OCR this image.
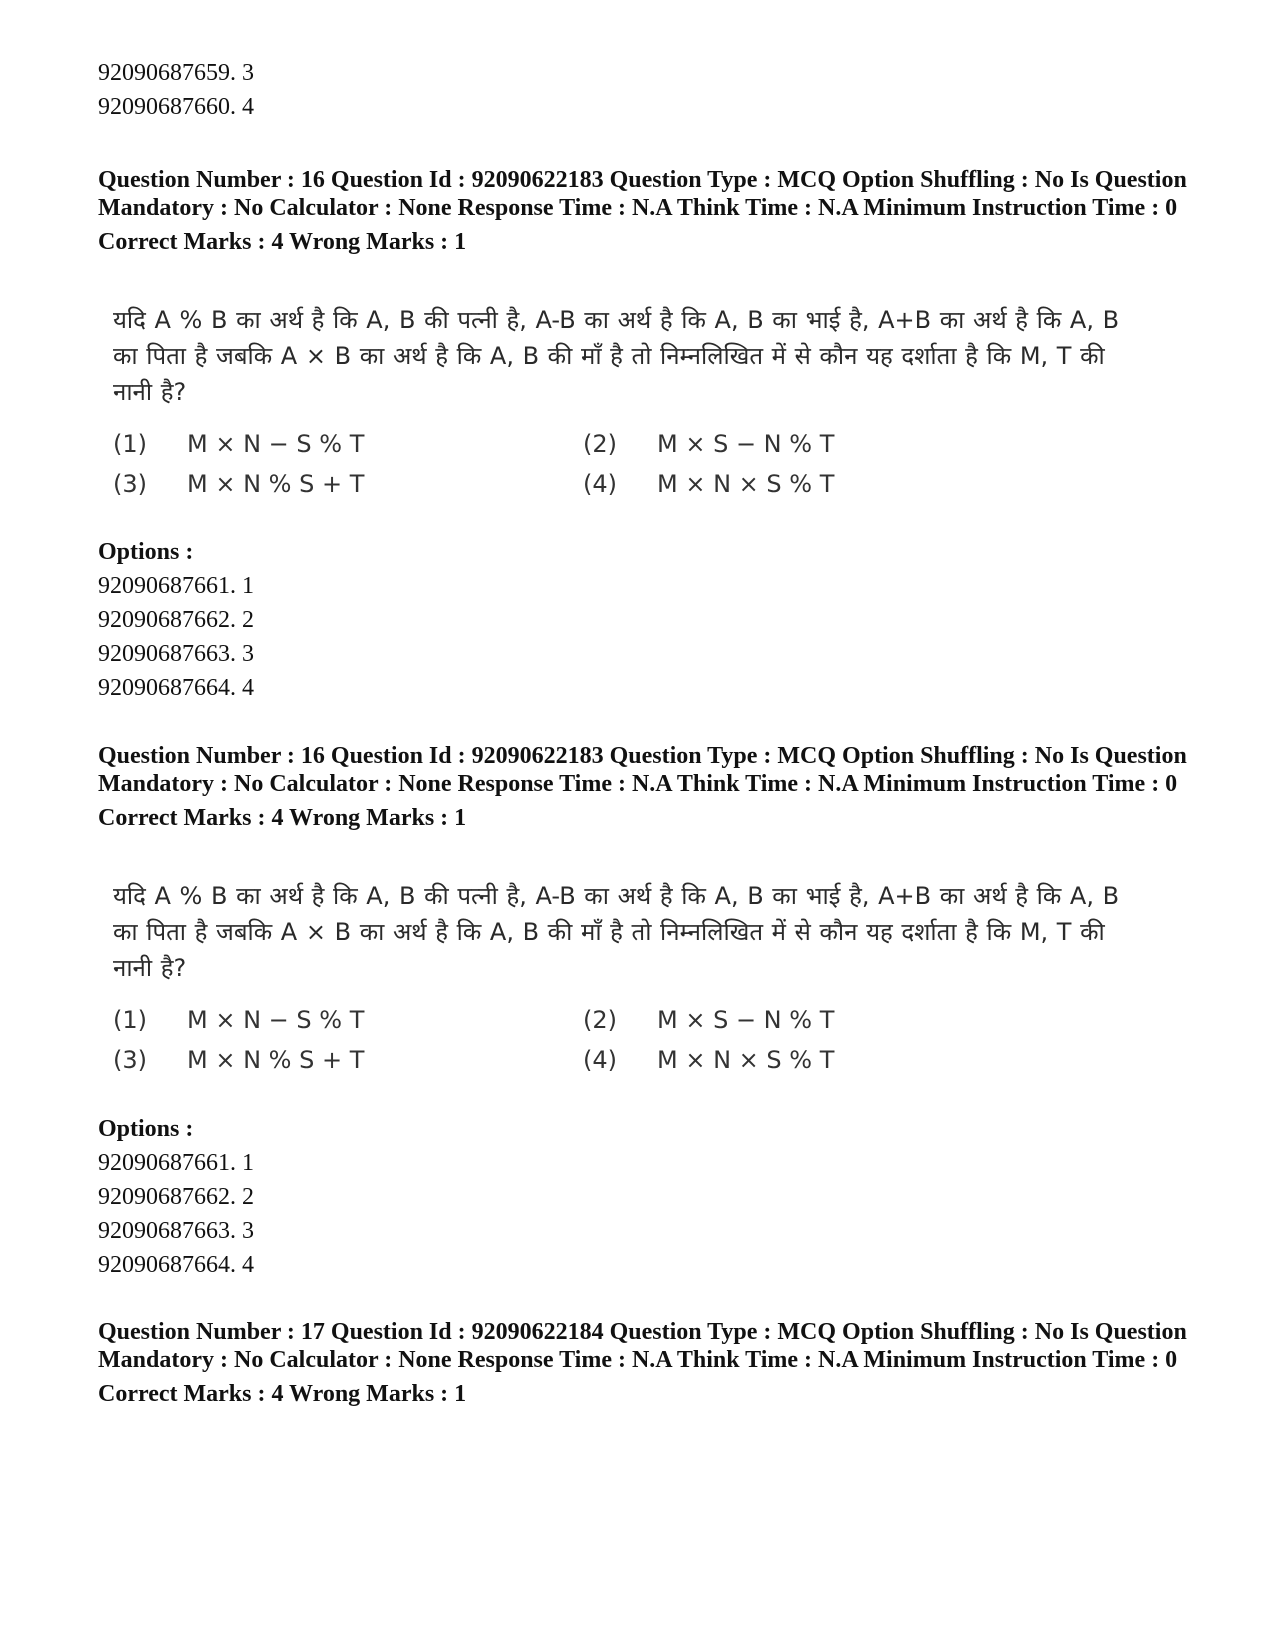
92090687659. 3
92090687660. 4
Question Number : 16 Question Id : 92090622183 Question Type : MCQ Option Shuffling : No Is Question Mandatory : No Calculator : None Response Time : N.A Think Time : N.A Minimum Instruction Time : 0
Correct Marks : 4 Wrong Marks : 1
यदि A % B का अर्थ है कि A, B की पत्नी है, A-B का अर्थ है कि A, B का भाई है, A+B का अर्थ है कि A, B का पिता है जबकि A × B का अर्थ है कि A, B की माँ है तो निम्नलिखित में से कौन यह दर्शाता है कि M, T की नानी है?
(1)	M × N − S % T	(2)	M × S − N % T
(3)	M × N % S + T	(4)	M × N × S % T
Options :
92090687661. 1
92090687662. 2
92090687663. 3
92090687664. 4
Question Number : 16 Question Id : 92090622183 Question Type : MCQ Option Shuffling : No Is Question Mandatory : No Calculator : None Response Time : N.A Think Time : N.A Minimum Instruction Time : 0
Correct Marks : 4 Wrong Marks : 1
यदि A % B का अर्थ है कि A, B की पत्नी है, A-B का अर्थ है कि A, B का भाई है, A+B का अर्थ है कि A, B का पिता है जबकि A × B का अर्थ है कि A, B की माँ है तो निम्नलिखित में से कौन यह दर्शाता है कि M, T की नानी है?
(1)	M × N − S % T	(2)	M × S − N % T
(3)	M × N % S + T	(4)	M × N × S % T
Options :
92090687661. 1
92090687662. 2
92090687663. 3
92090687664. 4
Question Number : 17 Question Id : 92090622184 Question Type : MCQ Option Shuffling : No Is Question Mandatory : No Calculator : None Response Time : N.A Think Time : N.A Minimum Instruction Time : 0
Correct Marks : 4 Wrong Marks : 1
